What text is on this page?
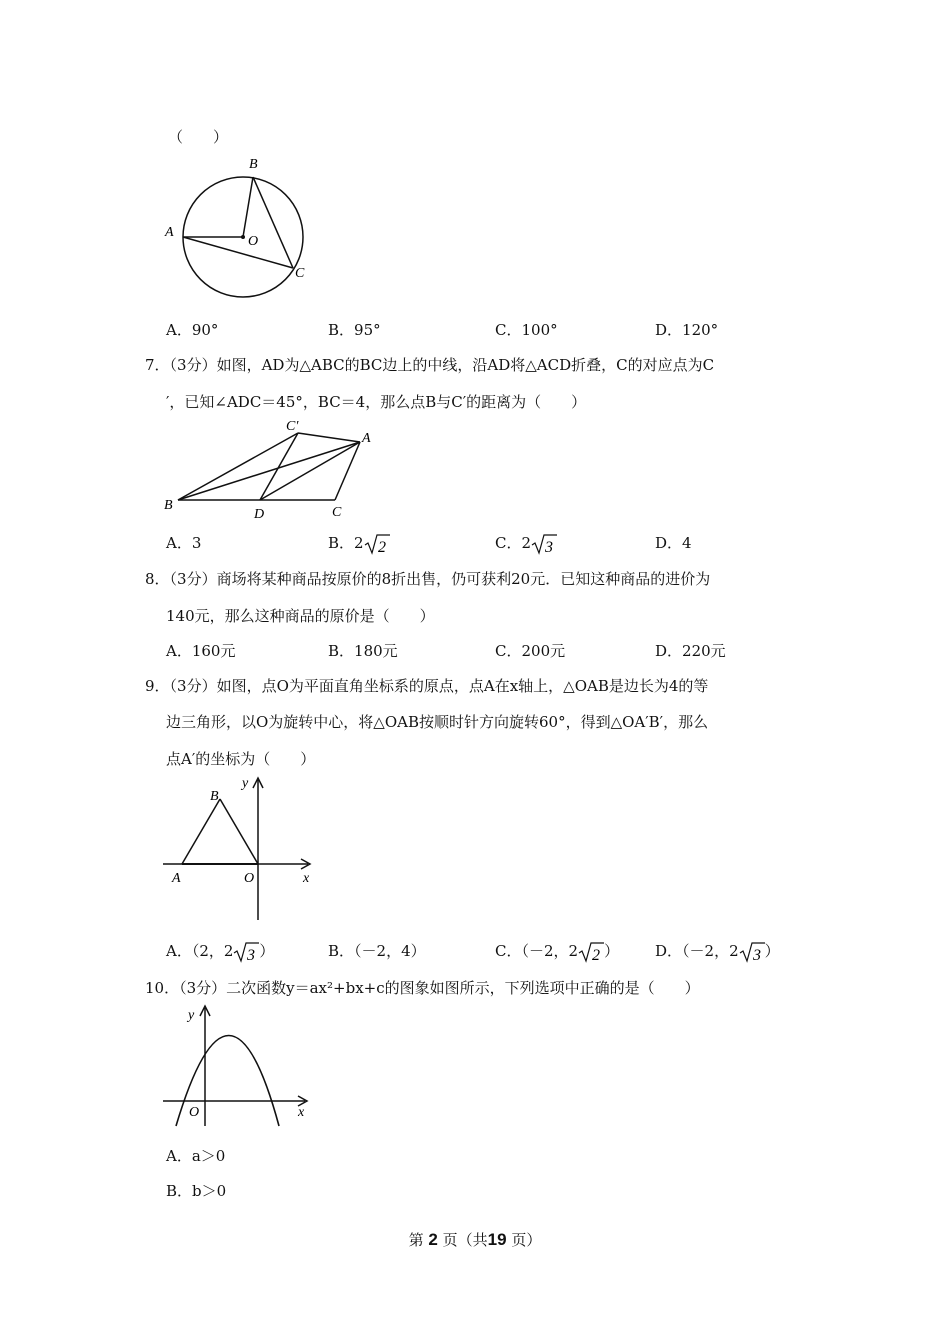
（　　）
B
A
O
C
A．90°	B．95°	C．100°	D．120°
7．（3分）如图，AD为△ABC的BC边上的中线，沿AD将△ACD折叠，C的对应点为C
′，已知∠ADC＝45°，BC＝4，那么点B与C′的距离为（　　）
C′
A
B
D	C
A．3	B．2 2	C．2 3	D．4
8．（3分）商场将某种商品按原价的8折出售，仍可获利20元．已知这种商品的进价为
140元，那么这种商品的原价是（　　）
A．160元	B．180元	C．200元	D．220元
9．（3分）如图，点O为平面直角坐标系的原点，点A在x轴上，△OAB是边长为4的等
边三角形，以O为旋转中心，将△OAB按顺时针方向旋转60°，得到△OA′B′，那么
点A′的坐标为（　　）
B
y
A	O	x
A．（2，2 3 ）	B．（－2，4）	C．（－2，2 2 ） D．（－2，2 3 ）
10．（3分）二次函数y＝ax²+bx+c的图象如图所示，下列选项中正确的是（　　）
y
O	x
A．a＞0
B．b＞0
第 2 页（共19 页）
